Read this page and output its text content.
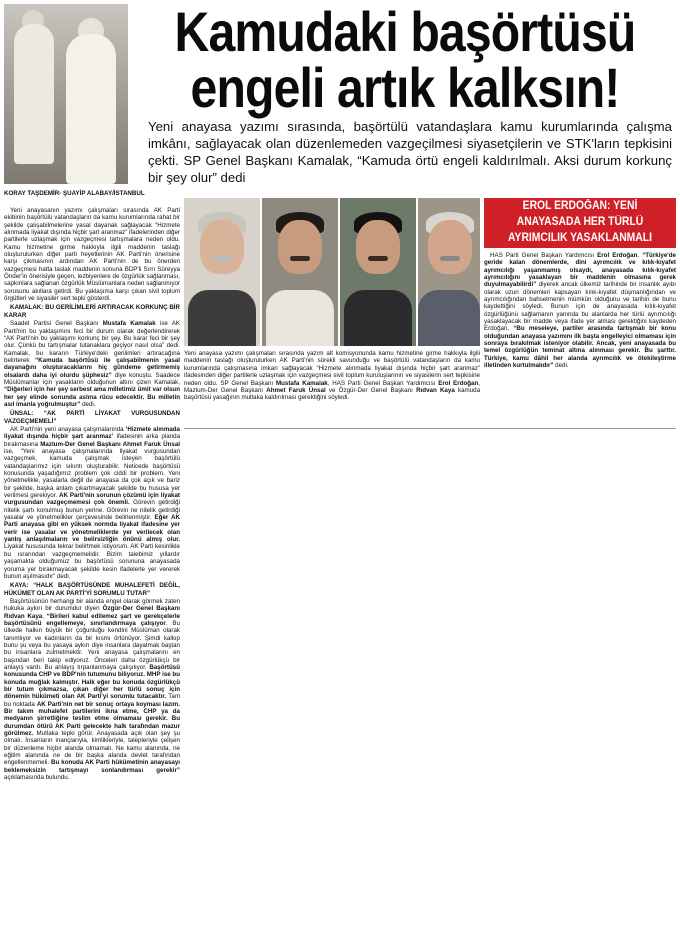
Kamudaki başörtüsü
engeli artık kalksın!
Yeni anayasa yazımı sırasında, başörtülü vatandaşlara kamu kurumlarında çalışma imkânı, sağlayacak olan düzenlemeden vazgeçilmesi siyasetçilerin ve STK'ların tepkisini çekti. SP Genel Başkanı Kamalak, “Kamuda örtü engeli kaldırılmalı. Aksi durum korkunç bir şey olur” dedi
KORAY TAŞDEMİR- ŞUAYİP ALABAY/İSTANBUL

Yeni anayasanın yazımı çalışmaları sırasında AK Parti ekibinin başörtülü vatandaşların da kamu kurumlarında rahat bir şekilde çalışabilmelerine yasal dayanak sağlayacak “Hizmete alınmada liyakat dışında hiçbir şart aranmaz” ifadelerinden diğer partilerle uzlaşmak için vazgeçmesi tartışmalara neden oldu. Kamu hizmetine girme hakkıyla ilgili maddenin taslağı oluşturulurken diğer parti heyetlerinin AK Parti'nin önerisine karşı çıkmasının ardından AK Parti'nin de bu önerden vazgeçmesi hatta taslak maddenin sonuna BDP'li Sırrı Süreyya Önder'in önerisiyle geçen, lezbiyenlere de özgürlük sağlanması, sapkınlara sağlanan özgürlük Müslümanlara neden sağlanmıyor sorusunu akıllara getirdi. Bu yaklaşıma karşı çıkan sivil toplum örgütleri ve siyasiler sert tepki gösterdi.

KAMALAK: BU GERİLİMLERİ ARTIRACAK KORKUNÇ BİR KARAR

Saadet Partisi Genel Başkanı Mustafa Kamalak ise AK Parti'nin bu yaklaşımını feci bir durum olarak değerlendirerek “AK Parti'nin bu yaklaşımı korkunç bir şey. Bu karar feci bir şey olur. Çünkü bu tartışmalar tutanaklara geçiyor nasıl olsa” dedi. Kamalak, bu kararın Türkiye'deki gerilimleri artıracağına belirterek “Kamuda başörtüsü ile çalışabilmenin yasal dayanağını oluşturacaklarını hiç gündeme getirmemiş olsalardı daha iyi olurdu şüphesiz” diye konuştu. Saadece Müslümanlar için yasakların olduğunun altını çizen Kamalak, “Diğerleri için her şey serbest ama milletimiz ümit var olsun her şey elinde sonunda aslına rücu edecektir. Bu milletin asıl imanla yoğrulmuştur” dedi.

ÜNSAL: “AK PARTİ LİYAKAT VURGUSUNDAN VAZGEÇMEMELİ”

AK Parti'nin yeni anayasa çalışmalarında ‘Hizmete alınmada liyakat dışında hiçbir şart aranmaz’ ifadesinin arka planda bırakmasına Mazlum-Der Genel Başkanı Ahmet Faruk Ünsal ise, “Yeni anayasa çalışmalarında liyakat vurgusundan vazgeçmek, kamuda çalışmak isteyen başörtülü vatandaşlarımız için sıkıntı oluşturabilir. Neticede başörtüsü konusunda yaşadığımız problem çok ciddi bir problem. Yeni yönetmelikle, yasalarla değil de anayasa da çok açık ve bariz bir şekilde, başka anlam çıkartmayacak şekilde bu hususa yer verilmesi gerekiyor. AK Parti'nin sorunun çözümü için liyakat vurgusundan vazgeçmemesi çok önemli. Görevin getirdiği nitelik şartı konulmuş bunun yerine. Görevin ne nitelik getirdiği yasalar ve yönetmelikler çerçevesinde belirlenmiştir. Eğer AK Parti anayasa gibi en yüksek normda liyakat ifadesine yer verir ise yasalar ve yönetmeliklerde yer verilecek olan yanlış anlaşılmaların ve belirsizliğin önünü almış olur. Liyakat hususunda tekrar belirtmek istiyorum. AK Parti kesinlikle bu ısrarından vazgeçmemelidir. Bizim talebimiz yıllardır yaşamakta olduğumuz bu başörtüsü sorununa anayasada yoruma yer bırakmayacak şekilde kesin ifadelerle yer vererek bunun aşılmasıdır” dedi.

KAYA: “HALK BAŞÖRTÜSÜNDE MUHALEFETİ DEĞİL, HÜKÜMET OLAN AK PARTİ'Yİ SORUMLU TUTAR”

Başörtüsünün herhangi bir alanda engel olarak görmek zaten hukuka aykırı bir durumdur diyen Özgür-Der Genel Başkanı Rıdvan Kaya, “Birileri kabul edilemez şart ve gerekçelerle başörtüsünü engellemeye, sınırlandırmaya çalışıyor. Bu ülkede halkın büyük bir çoğunluğu kendini Müslüman olarak tanımlıyor ve kadınların da bir kısmı örtünüyor. Şimdi kalkıp bunu şu veya bu yasaya aykırı diye insanlara dayatmak baştan bu insanlara zulmetmektir. Yeni anayasa çalışmalarını en başından beri takip ediyoruz. Önceleri daha özgürlükçü bir anlayış vardı. Bu anlayış tırpanlanmaya çalışılıyor. Başörtüsü konusunda CHP ve BDP'nin tutumunu biliyoruz. MHP ise bu konuda muğlak kalmıştır. Halk eğer bu konuda özgürlükçü bir tutum çıkmazsa, çıkan diğer her türlü sonuç için dönemin hükümeti olan AK Parti'yi sorumlu tutacaktır. Tam bu noktada AK Parti'nin net bir sonuç ortaya koyması lazım. Bir takım muhalefet partilerini ikna etme, CHP ya da medyanın şirretliğine teslim etme olmaması gerekir. Bu durumdan ötürü AK Parti gelecekte halk tarafından mazur görülmez. Mutlaka tepki görür. Anayasada açık olan şey şu olmalı. İnsanların inançlarıyla, kimlikleriyle, talepleriyle çelişen bir düzenleme hiçbir alanda olmamalı. Ne kamu alanında, ne eğitim alanında ne de bir başka alanda devlet tarafından engellenmemeli. Bu konuda AK Parti hükümetinin anayasayı beklemeksizin tartışmayı sonlandırması gerekir” açıklamasında bulundu.

Yeni anayasa yazımı çalışmaları sırasında yazım alt komisyonunda kamu hizmetine girme hakkıyla ilgili maddenin taslağı oluşturulurken AK Parti'nin sürekli savunduğu ve başörtülü vatandaşların da kamu kurumlarında çalışmasına imkan sağlayacak “Hizmete alınmada liyakat dışında hiçbir şart aranmaz” ifadesinden diğer partilerle uzlaşmak için vazgeçmesi sivil toplum kuruluşlarının ve siyasilerin sert tepkisine neden oldu. SP Genel Başkanı Mustafa Kamalak, HAS Parti Genel Başkan Yardımcısı Erol Erdoğan, Mazlum-Der Genel Başkanı Ahmet Faruk Ünsal ve Özgür-Der Genel Başkanı Rıdvan Kaya kamuda başörtüsü yasağının mutlaka kaldırılması gerektiğini söyledi.
EROL ERDOĞAN: YENİ
ANAYASADA HER TÜRLÜ
AYRIMCILIK YASAKLANMALI

HAS Parti Genel Başkan Yardımcısı Erol Erdoğan, “Türkiye'de geride kalan dönemlerde, dini ayrımcılık ve kılık-kıyafet ayrımcılığı yaşanmamış olsaydı, anayasada kılık-kıyafet ayrımcılığını yasaklayan bir maddenin olmasına gerek duyulmayabilirdi” diyerek ancak ülkemiz tarihinde bir insanlık ayıbı olarak uzun dönemleri kapsayan kılık-kıyafet düşmanlığından ve ayrımcılığından bahsetmenin mümkün olduğunu ve tarihin de bunu kaydettiğini söyledi. Bunun için de anayasada kılık-kıyafet özgürlüğünü sağlamanın yanında bu alanlarda her türlü ayrımcılığı yasaklayacak bir madde veya ifade yer alması gerektiğini kaydeden Erdoğan, “Bu meseleye, partiler arasında tartışmalı bir konu olduğundan anayasa yazımını ilk başta engelleyici olmaması için sonraya bırakılmak isteniyor olabilir. Ancak, yeni anayasada bu temel özgürlüğün teminat altına alınması gerekir. Bu şarttır. Türkiye, kamu dâhil her alanda ayrımcılık ve ötekileştirme illetinden kurtulmalıdır” dedi.
